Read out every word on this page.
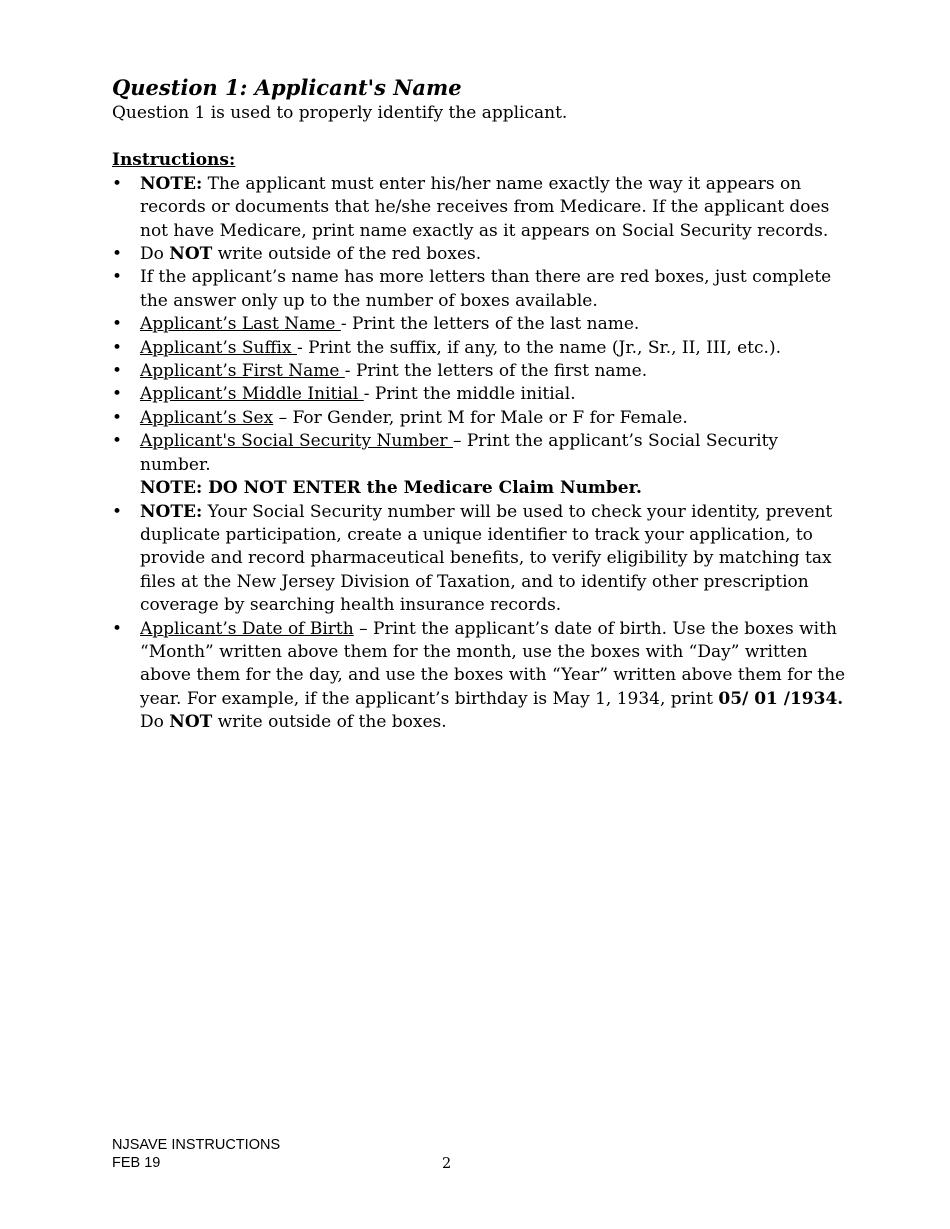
Question 1: Applicant's Name

Question 1 is used to properly identify the applicant.

Instructions:
• NOTE: The applicant must enter his/her name exactly the way it appears on records or documents that he/she receives from Medicare. If the applicant does not have Medicare, print name exactly as it appears on Social Security records.
• Do NOT write outside of the red boxes.
• If the applicant’s name has more letters than there are red boxes, just complete the answer only up to the number of boxes available.
• Applicant’s Last Name - Print the letters of the last name.
• Applicant’s Suffix - Print the suffix, if any, to the name (Jr., Sr., II, III, etc.).
• Applicant’s First Name - Print the letters of the first name.
• Applicant’s Middle Initial - Print the middle initial.
• Applicant’s Sex – For Gender, print M for Male or F for Female.
• Applicant's Social Security Number – Print the applicant’s Social Security number.
NOTE: DO NOT ENTER the Medicare Claim Number.
• NOTE: Your Social Security number will be used to check your identity, prevent duplicate participation, create a unique identifier to track your application, to provide and record pharmaceutical benefits, to verify eligibility by matching tax files at the New Jersey Division of Taxation, and to identify other prescription coverage by searching health insurance records.
• Applicant’s Date of Birth – Print the applicant’s date of birth. Use the boxes with “Month” written above them for the month, use the boxes with “Day” written above them for the day, and use the boxes with “Year” written above them for the year. For example, if the applicant’s birthday is May 1, 1934, print 05/ 01 /1934. Do NOT write outside of the boxes.
NJSAVE INSTRUCTIONS
FEB 19	2
